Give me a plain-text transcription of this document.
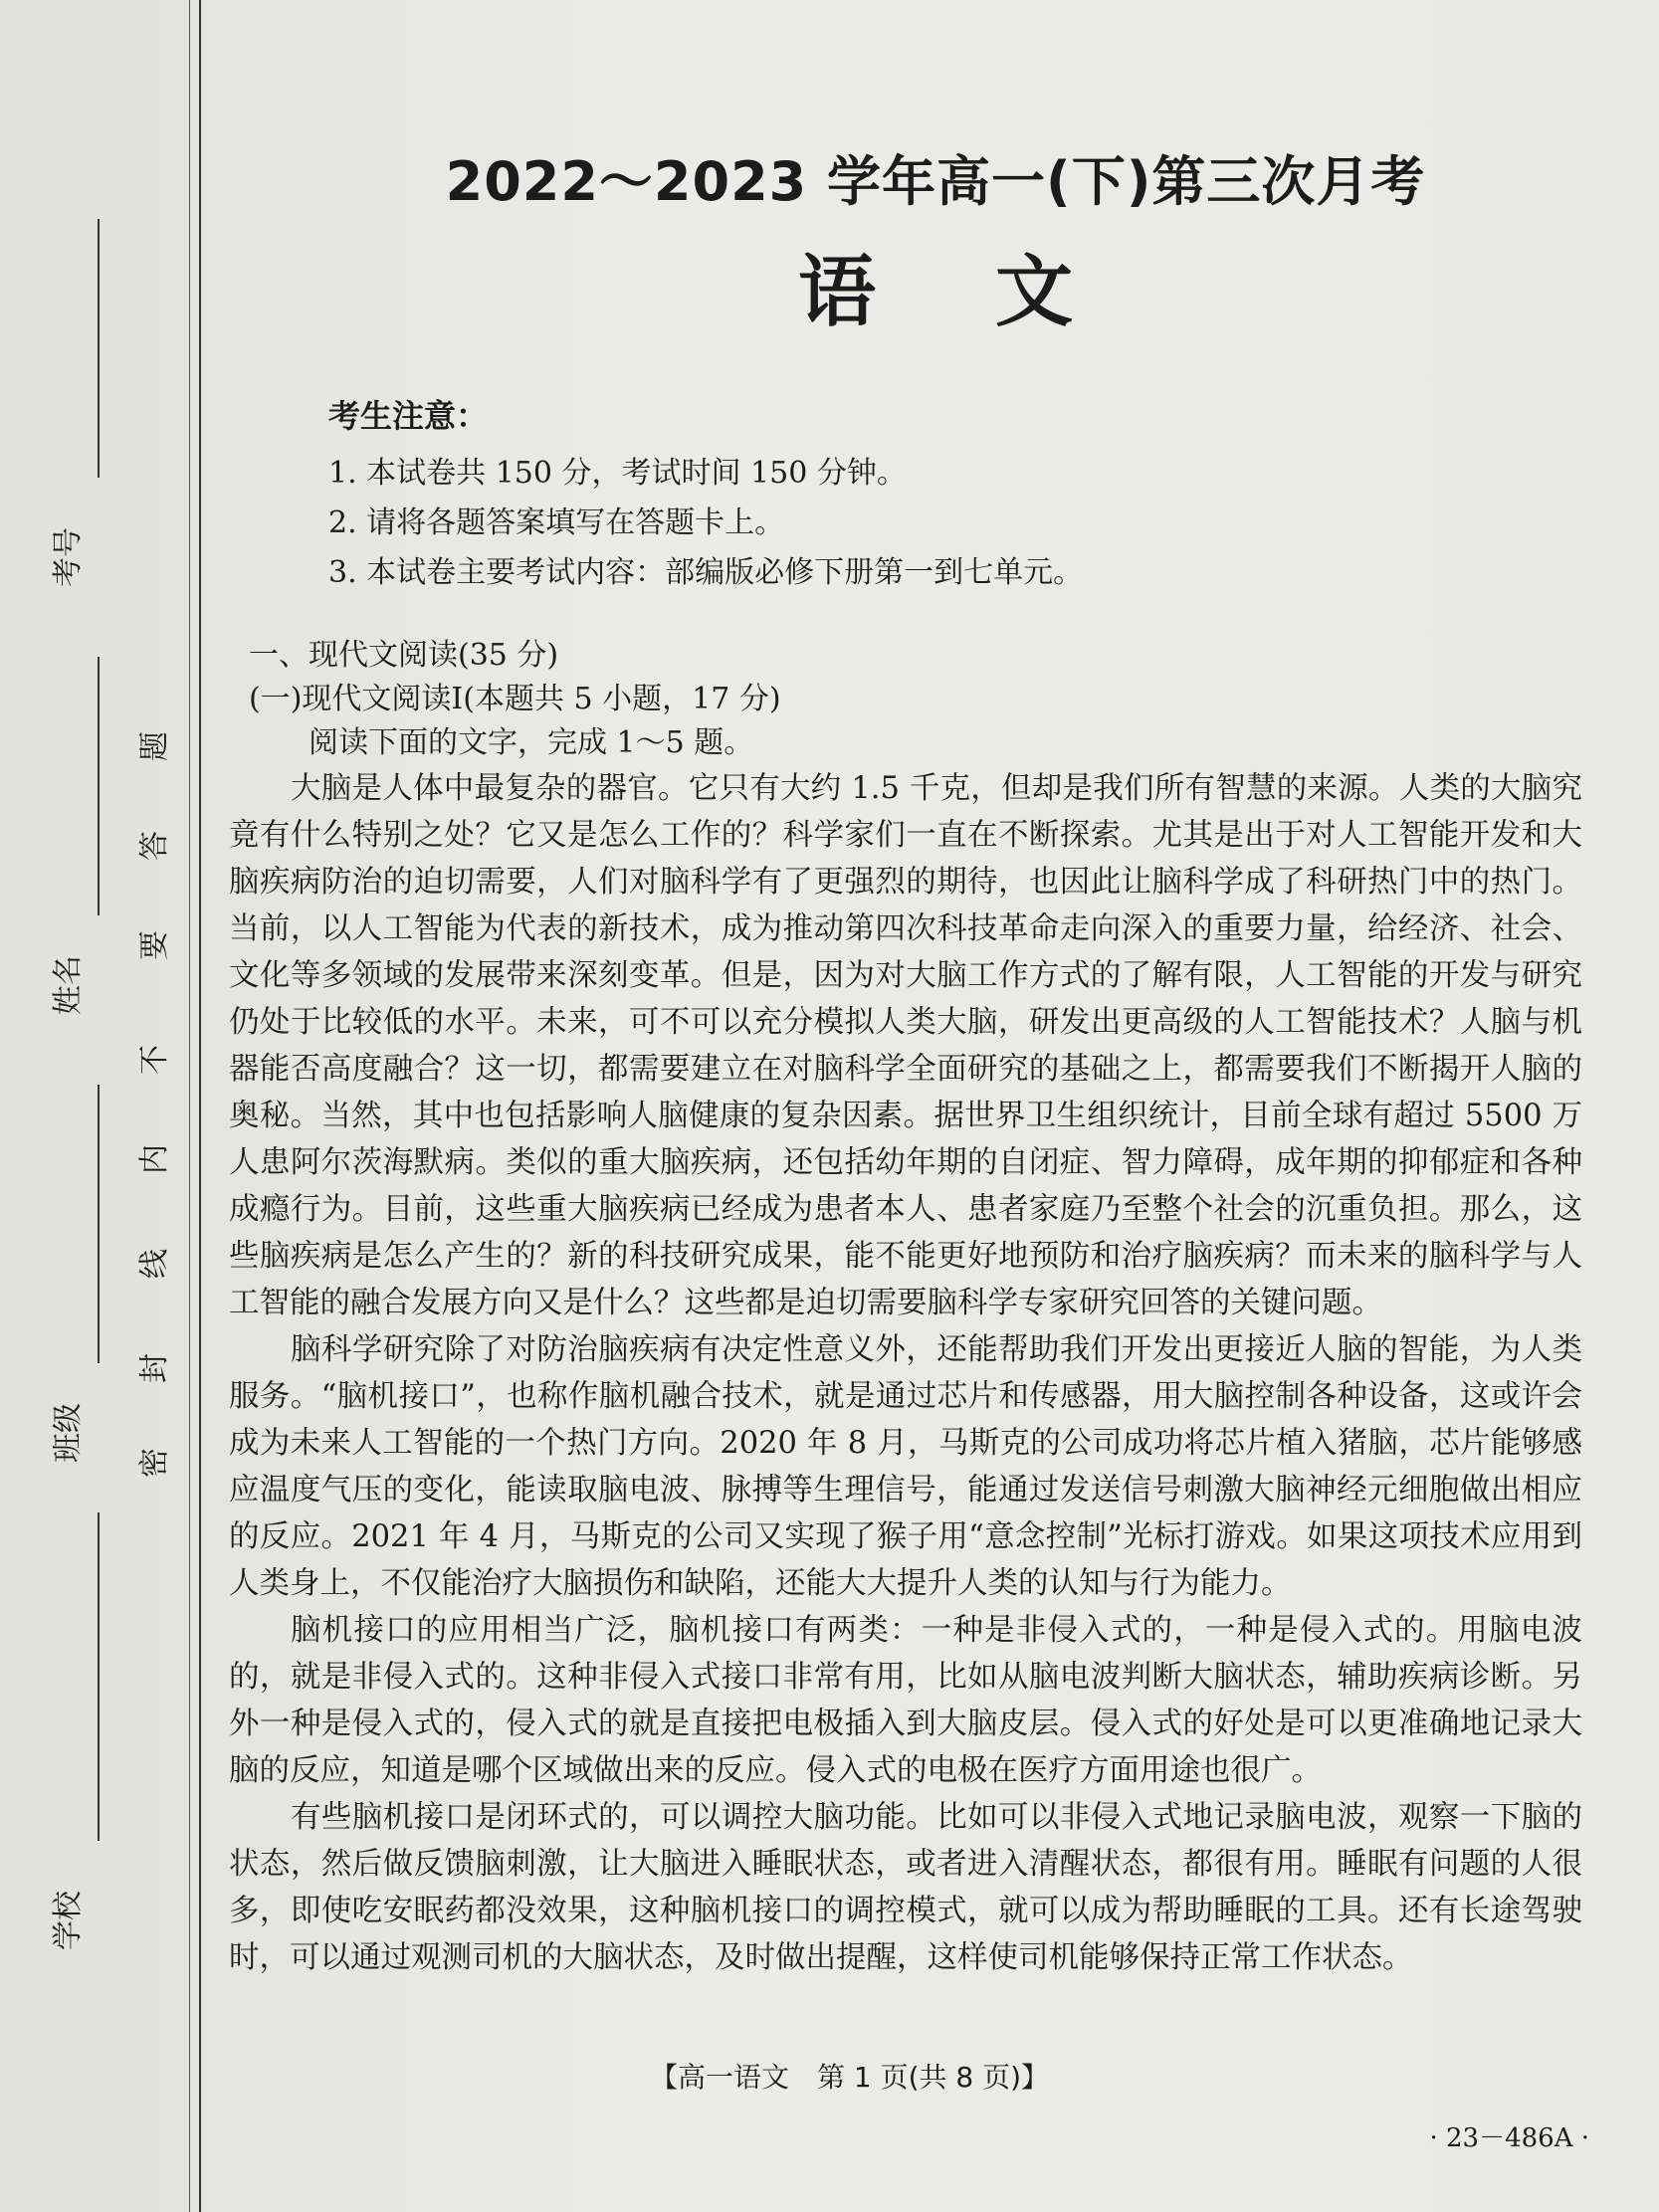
考号
姓名
班级
学校
题
答
要
不
内
线
封
密
2022～2023 学年高一(下)第三次月考
语文

考生注意：

1. 本试卷共 150 分，考试时间 150 分钟。

2. 请将各题答案填写在答题卡上。

3. 本试卷主要考试内容：部编版必修下册第一到七单元。

一、现代文阅读(35 分)

(一)现代文阅读Ⅰ(本题共 5 小题，17 分)

阅读下面的文字，完成 1～5 题。

大脑是人体中最复杂的器官。它只有大约 1.5 千克，但却是我们所有智慧的来源。人类的大脑究竟有什么特别之处？它又是怎么工作的？科学家们一直在不断探索。尤其是出于对人工智能开发和大脑疾病防治的迫切需要，人们对脑科学有了更强烈的期待，也因此让脑科学成了科研热门中的热门。当前，以人工智能为代表的新技术，成为推动第四次科技革命走向深入的重要力量，给经济、社会、文化等多领域的发展带来深刻变革。但是，因为对大脑工作方式的了解有限，人工智能的开发与研究仍处于比较低的水平。未来，可不可以充分模拟人类大脑，研发出更高级的人工智能技术？人脑与机器能否高度融合？这一切，都需要建立在对脑科学全面研究的基础之上，都需要我们不断揭开人脑的奥秘。当然，其中也包括影响人脑健康的复杂因素。据世界卫生组织统计，目前全球有超过 5500 万人患阿尔茨海默病。类似的重大脑疾病，还包括幼年期的自闭症、智力障碍，成年期的抑郁症和各种成瘾行为。目前，这些重大脑疾病已经成为患者本人、患者家庭乃至整个社会的沉重负担。那么，这些脑疾病是怎么产生的？新的科技研究成果，能不能更好地预防和治疗脑疾病？而未来的脑科学与人工智能的融合发展方向又是什么？这些都是迫切需要脑科学专家研究回答的关键问题。

脑科学研究除了对防治脑疾病有决定性意义外，还能帮助我们开发出更接近人脑的智能，为人类服务。“脑机接口”，也称作脑机融合技术，就是通过芯片和传感器，用大脑控制各种设备，这或许会成为未来人工智能的一个热门方向。2020 年 8 月，马斯克的公司成功将芯片植入猪脑，芯片能够感应温度气压的变化，能读取脑电波、脉搏等生理信号，能通过发送信号刺激大脑神经元细胞做出相应的反应。2021 年 4 月，马斯克的公司又实现了猴子用“意念控制”光标打游戏。如果这项技术应用到人类身上，不仅能治疗大脑损伤和缺陷，还能大大提升人类的认知与行为能力。

脑机接口的应用相当广泛，脑机接口有两类：一种是非侵入式的，一种是侵入式的。用脑电波的，就是非侵入式的。这种非侵入式接口非常有用，比如从脑电波判断大脑状态，辅助疾病诊断。另外一种是侵入式的，侵入式的就是直接把电极插入到大脑皮层。侵入式的好处是可以更准确地记录大脑的反应，知道是哪个区域做出来的反应。侵入式的电极在医疗方面用途也很广。

有些脑机接口是闭环式的，可以调控大脑功能。比如可以非侵入式地记录脑电波，观察一下脑的状态，然后做反馈脑刺激，让大脑进入睡眠状态，或者进入清醒状态，都很有用。睡眠有问题的人很多，即使吃安眠药都没效果，这种脑机接口的调控模式，就可以成为帮助睡眠的工具。还有长途驾驶时，可以通过观测司机的大脑状态，及时做出提醒，这样使司机能够保持正常工作状态。

【高一语文　第 1 页(共 8 页)】
· 23－486A ·
